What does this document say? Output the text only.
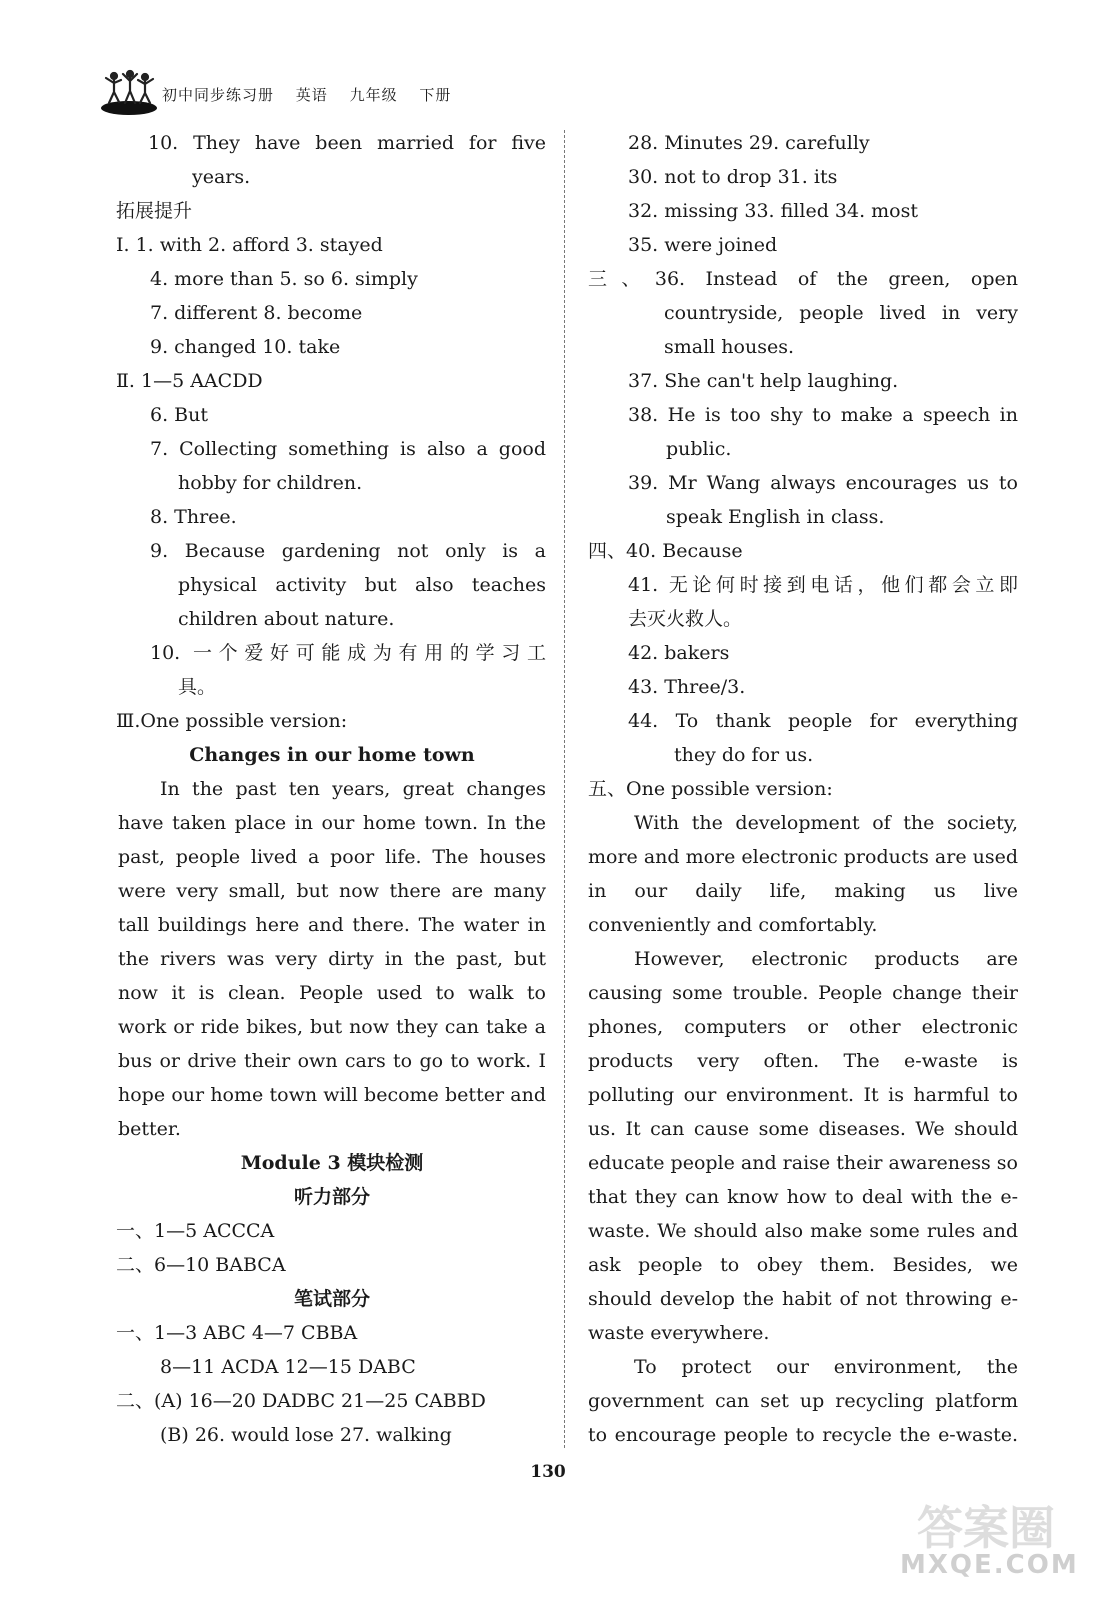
初中同步练习册 英语 九年级 下册
10. They have been married for five
years.
拓展提升
Ⅰ. 1. with 2. afford 3. stayed
4. more than 5. so 6. simply
7. different 8. become
9. changed 10. take
Ⅱ. 1—5 AACDD
6. But
7. Collecting something is also a good
hobby for children.
8. Three.
9. Because gardening not only is a
physical activity but also teaches
children about nature.
10. 一个爱好可能成为有用的学习工
具。
Ⅲ.One possible version:
Changes in our home town
In the past ten years, great changes
have taken place in our home town. In the
past, people lived a poor life. The houses
were very small, but now there are many
tall buildings here and there. The water in
the rivers was very dirty in the past, but
now it is clean. People used to walk to
work or ride bikes, but now they can take a
bus or drive their own cars to go to work. I
hope our home town will become better and
better.
Module 3 模块检测
听力部分
一、1—5 ACCCA
二、6—10 BABCA
笔试部分
一、1—3 ABC 4—7 CBBA
8—11 ACDA 12—15 DABC
二、(A) 16—20 DADBC 21—25 CABBD
(B) 26. would lose 27. walking
28. Minutes 29. carefully
30. not to drop 31. its
32. missing 33. filled 34. most
35. were joined
三、36. Instead of the green, open
countryside, people lived in very
small houses.
37. She can't help laughing.
38. He is too shy to make a speech in
public.
39. Mr Wang always encourages us to
speak English in class.
四、40. Because
41. 无论何时接到电话，他们都会立即
去灭火救人。
42. bakers
43. Three/3.
44. To thank people for everything
they do for us.
五、One possible version:
With the development of the society,
more and more electronic products are used
in our daily life, making us live
conveniently and comfortably.
However, electronic products are
causing some trouble. People change their
phones, computers or other electronic
products very often. The e-waste is
polluting our environment. It is harmful to
us. It can cause some diseases. We should
educate people and raise their awareness so
that they can know how to deal with the e-
waste. We should also make some rules and
ask people to obey them. Besides, we
should develop the habit of not throwing e-
waste everywhere.
To protect our environment, the
government can set up recycling platform
to encourage people to recycle the e-waste.
130
答案圈
MXQE.COM
